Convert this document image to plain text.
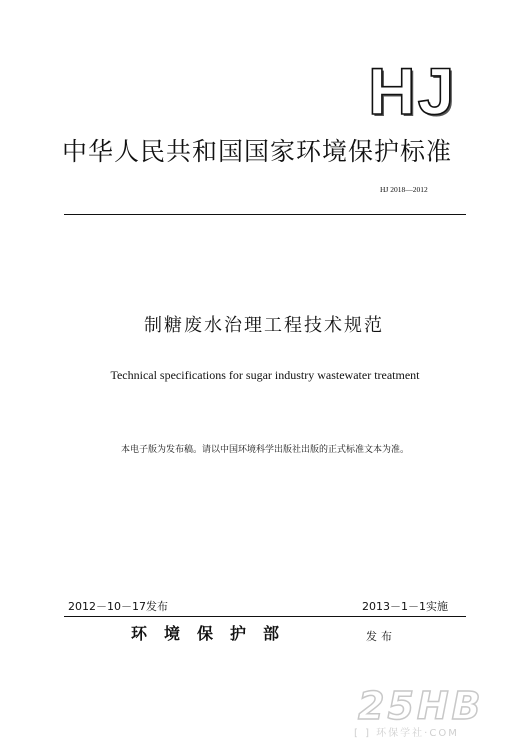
HJ
中华人民共和国国家环境保护标准
HJ 2018—2012
制糖废水治理工程技术规范
Technical specifications for sugar industry wastewater treatment
本电子版为发布稿。请以中国环境科学出版社出版的正式标准文本为准。
2012－10－17发布	2013－1－1实施
环境保护部	发布
25HB
[ ] 环保学社·COM
